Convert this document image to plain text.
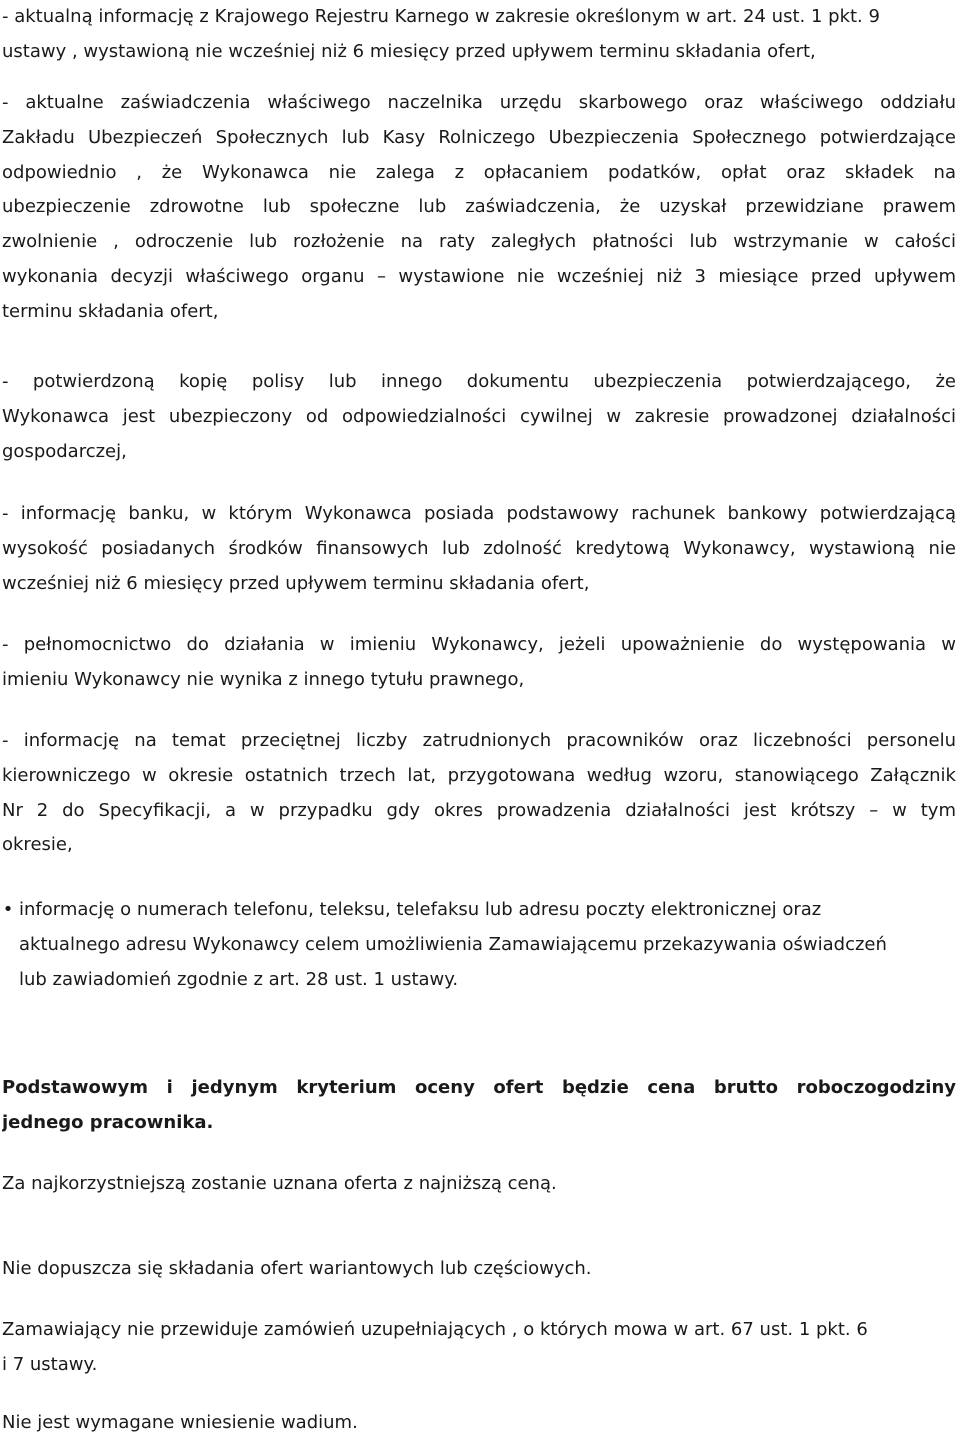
- aktualną informację z Krajowego Rejestru Karnego w zakresie określonym w art. 24 ust. 1 pkt. 9
ustawy , wystawioną nie wcześniej niż 6 miesięcy przed upływem terminu składania ofert,
- aktualne zaświadczenia właściwego naczelnika urzędu skarbowego oraz właściwego oddziału
Zakładu Ubezpieczeń Społecznych lub Kasy Rolniczego Ubezpieczenia Społecznego potwierdzające
odpowiednio , że Wykonawca nie zalega z opłacaniem podatków, opłat oraz składek na
ubezpieczenie zdrowotne lub społeczne lub zaświadczenia, że uzyskał przewidziane prawem
zwolnienie , odroczenie lub rozłożenie na raty zaległych płatności lub wstrzymanie w całości
wykonania decyzji właściwego organu – wystawione nie wcześniej niż 3 miesiące przed upływem
terminu składania ofert,
- potwierdzoną kopię polisy lub innego dokumentu ubezpieczenia potwierdzającego, że
Wykonawca jest ubezpieczony od odpowiedzialności cywilnej w zakresie prowadzonej działalności
gospodarczej,
- informację banku, w którym Wykonawca posiada podstawowy rachunek bankowy potwierdzającą
wysokość posiadanych środków finansowych lub zdolność kredytową Wykonawcy, wystawioną nie
wcześniej niż 6 miesięcy przed upływem terminu składania ofert,
- pełnomocnictwo do działania w imieniu Wykonawcy, jeżeli upoważnienie do występowania w
imieniu Wykonawcy nie wynika z innego tytułu prawnego,
- informację na temat przeciętnej liczby zatrudnionych pracowników oraz liczebności personelu
kierowniczego w okresie ostatnich trzech lat, przygotowana według wzoru, stanowiącego Załącznik
Nr 2 do Specyfikacji, a w przypadku gdy okres prowadzenia działalności jest krótszy – w tym
okresie,
• informację o numerach telefonu, teleksu, telefaksu lub adresu poczty elektronicznej oraz
aktualnego adresu Wykonawcy celem umożliwienia Zamawiającemu przekazywania oświadczeń
lub zawiadomień zgodnie z art. 28 ust. 1 ustawy.
Podstawowym i jedynym kryterium oceny ofert będzie cena brutto roboczogodziny
jednego pracownika.
Za najkorzystniejszą zostanie uznana oferta z najniższą ceną.
Nie dopuszcza się składania ofert wariantowych lub częściowych.
Zamawiający nie przewiduje zamówień uzupełniających , o których mowa w art. 67 ust. 1 pkt. 6
i 7 ustawy.
Nie jest wymagane wniesienie wadium.
